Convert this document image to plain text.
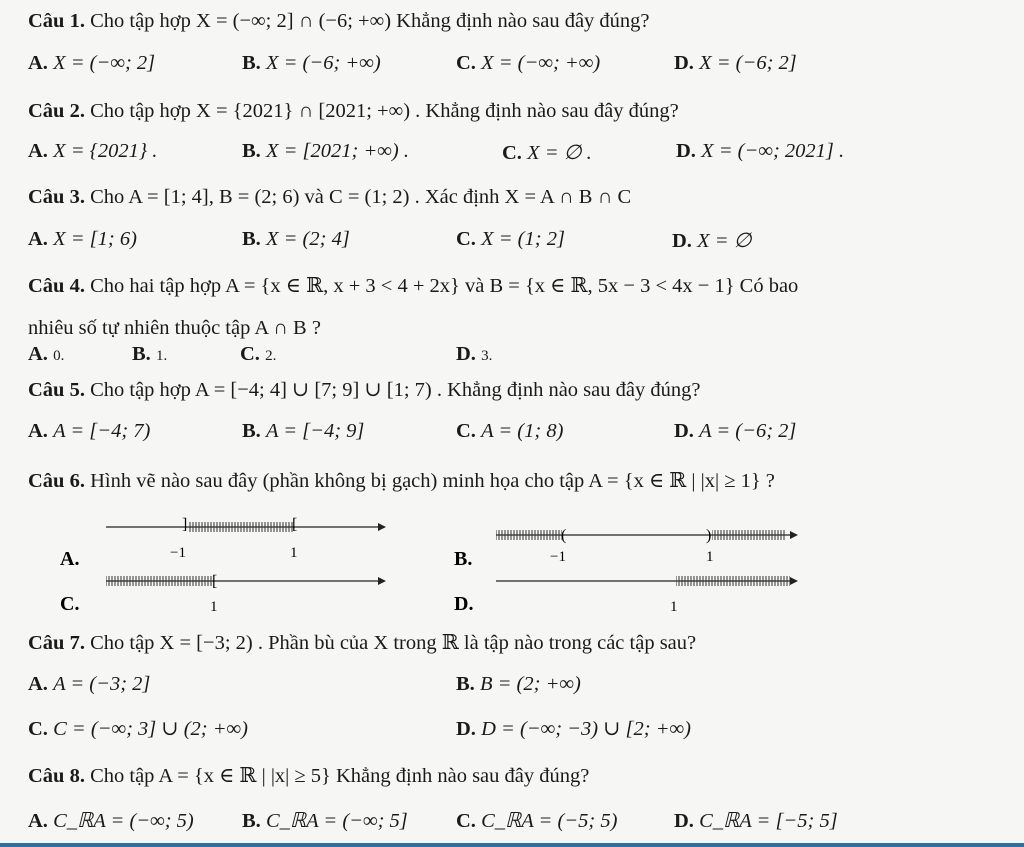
Câu 1. Cho tập hợp X = (−∞; 2] ∩ (−6; +∞) Khẳng định nào sau đây đúng?
A. X = (−∞; 2]	B. X = (−6; +∞)	C. X = (−∞; +∞)	D. X = (−6; 2]
Câu 2. Cho tập hợp X = {2021} ∩ [2021; +∞) . Khẳng định nào sau đây đúng?
A. X = {2021} .	B. X = [2021; +∞) .	C. X = ∅ .	D. X = (−∞; 2021] .
Câu 3. Cho A = [1; 4], B = (2; 6) và C = (1; 2) . Xác định X = A ∩ B ∩ C
A. X = [1; 6)	B. X = (2; 4]	C. X = (1; 2]	D. X = ∅
Câu 4. Cho hai tập hợp A = {x ∈ ℝ, x + 3 < 4 + 2x} và B = {x ∈ ℝ, 5x − 3 < 4x − 1} Có bao
nhiêu số tự nhiên thuộc tập A ∩ B ?
A. 0.	B. 1.	C. 2.	D. 3.
Câu 5. Cho tập hợp A = [−4; 4] ∪ [7; 9] ∪ [1; 7) . Khẳng định nào sau đây đúng?
A. A = [−4; 7)	B. A = [−4; 9]	C. A = (1; 8)	D. A = (−6; 2]
Câu 6. Hình vẽ nào sau đây (phần không bị gạch) minh họa cho tập A = {x ∈ ℝ | |x| ≥ 1} ?
A.
]	[
−1	1	B.
(	)
−1	1
C.
[
1	D.	1
Câu 7. Cho tập X = [−3; 2) . Phần bù của X trong ℝ là tập nào trong các tập sau?
A. A = (−3; 2]	B. B = (2; +∞)
C. C = (−∞; 3] ∪ (2; +∞)	D. D = (−∞; −3) ∪ [2; +∞)
Câu 8. Cho tập A = {x ∈ ℝ | |x| ≥ 5} Khẳng định nào sau đây đúng?
A. C_ℝA = (−∞; 5) B. C_ℝA = (−∞; 5] C. C_ℝA = (−5; 5)	D. C_ℝA = [−5; 5]
